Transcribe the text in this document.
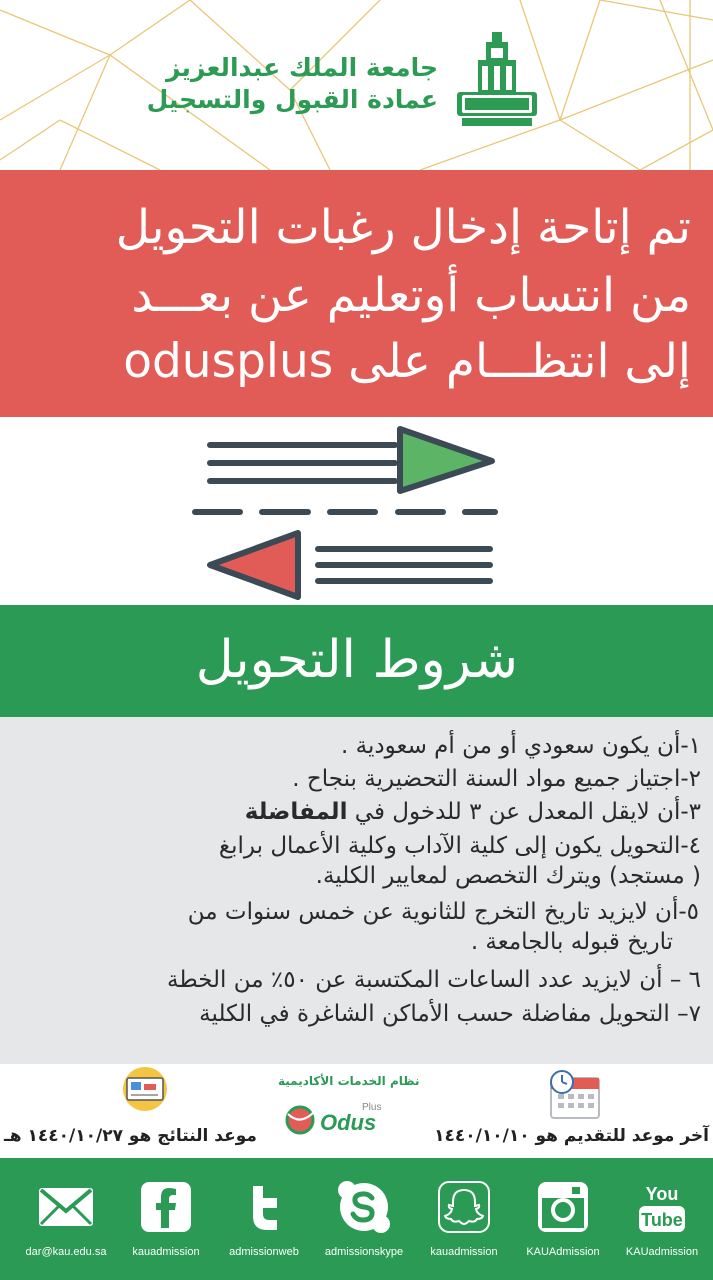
جامعة الملك عبدالعزيز
عمادة القبول والتسجيل
تم إتاحة إدخال رغبات التحويل
من انتساب أوتعليم عن بعـــد
إلى انتظـــام على odusplus
شروط التحويل
١-أن يكون سعودي أو من أم سعودية .
٢-اجتياز جميع مواد السنة التحضيرية بنجاح .
٣-أن لايقل المعدل عن ٣ للدخول في المفاضلة
٤-التحويل يكون إلى كلية الآداب وكلية الأعمال برابغ
( مستجد) ويترك التخصص لمعايير الكلية.
٥-أن لايزيد تاريخ التخرج للثانوية عن خمس سنوات من
تاريخ قبوله بالجامعة .
٦ – أن لايزيد عدد الساعات المكتسبة عن ٥٠٪ من الخطة
٧– التحويل مفاضلة حسب الأماكن الشاغرة في الكلية
نظام الخدمات الأكاديمية
Odus
Plus
آخر موعد للتقديم هو ١٤٤٠/١٠/١٠
موعد النتائج هو ١٤٤٠/١٠/٢٧ هـ
dar@kau.edu.sa	kauadmission	admissionweb	admissionskype	kauadmission	KAUAdmission
You
Tube
KAUadmission
